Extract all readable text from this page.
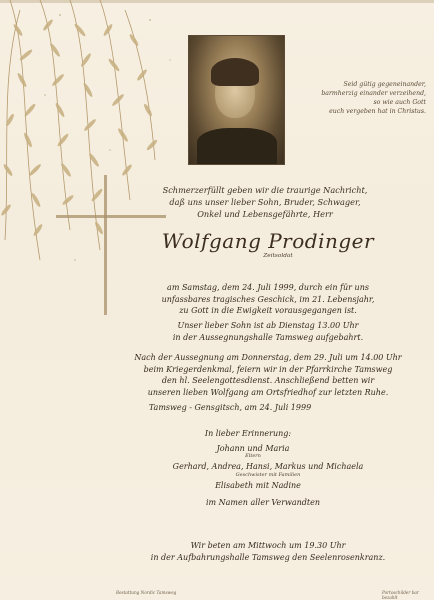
Seid gütig gegeneinander,
barmherzig einander verzeihend,
so wie auch Gott
euch vergeben hat in Christus.
Schmerzerfüllt geben wir die traurige Nachricht,
daß uns unser lieber Sohn, Bruder, Schwager,
Onkel und Lebensgefährte, Herr
Wolfgang Prodinger
Zeitsoldat
am Samstag, dem 24. Juli 1999, durch ein für uns
unfassbares tragisches Geschick, im 21. Lebensjahr,
zu Gott in die Ewigkeit vorausgegangen ist.
Unser lieber Sohn ist ab Dienstag 13.00 Uhr
in der Aussegnungshalle Tamsweg aufgebahrt.
Nach der Aussegnung am Donnerstag, dem 29. Juli um 14.00 Uhr
beim Kriegerdenkmal, feiern wir in der Pfarrkirche Tamsweg
den hl. Seelengottesdienst. Anschließend betten wir
unseren lieben Wolfgang am Ortsfriedhof zur letzten Ruhe.
Tamsweg - Gensgitsch, am 24. Juli 1999
In lieber Erinnerung:
Johann und Maria
Eltern
Gerhard, Andrea, Hansi, Markus und Michaela
Geschwister mit Familien
Elisabeth mit Nadine
im Namen aller Verwandten
Wir beten am Mittwoch um 19.30 Uhr
in der Aufbahrungshalle Tamsweg den Seelenrosenkranz.
Bestattung Nordic Tamsweg	Portoschilder bar bezahlt
